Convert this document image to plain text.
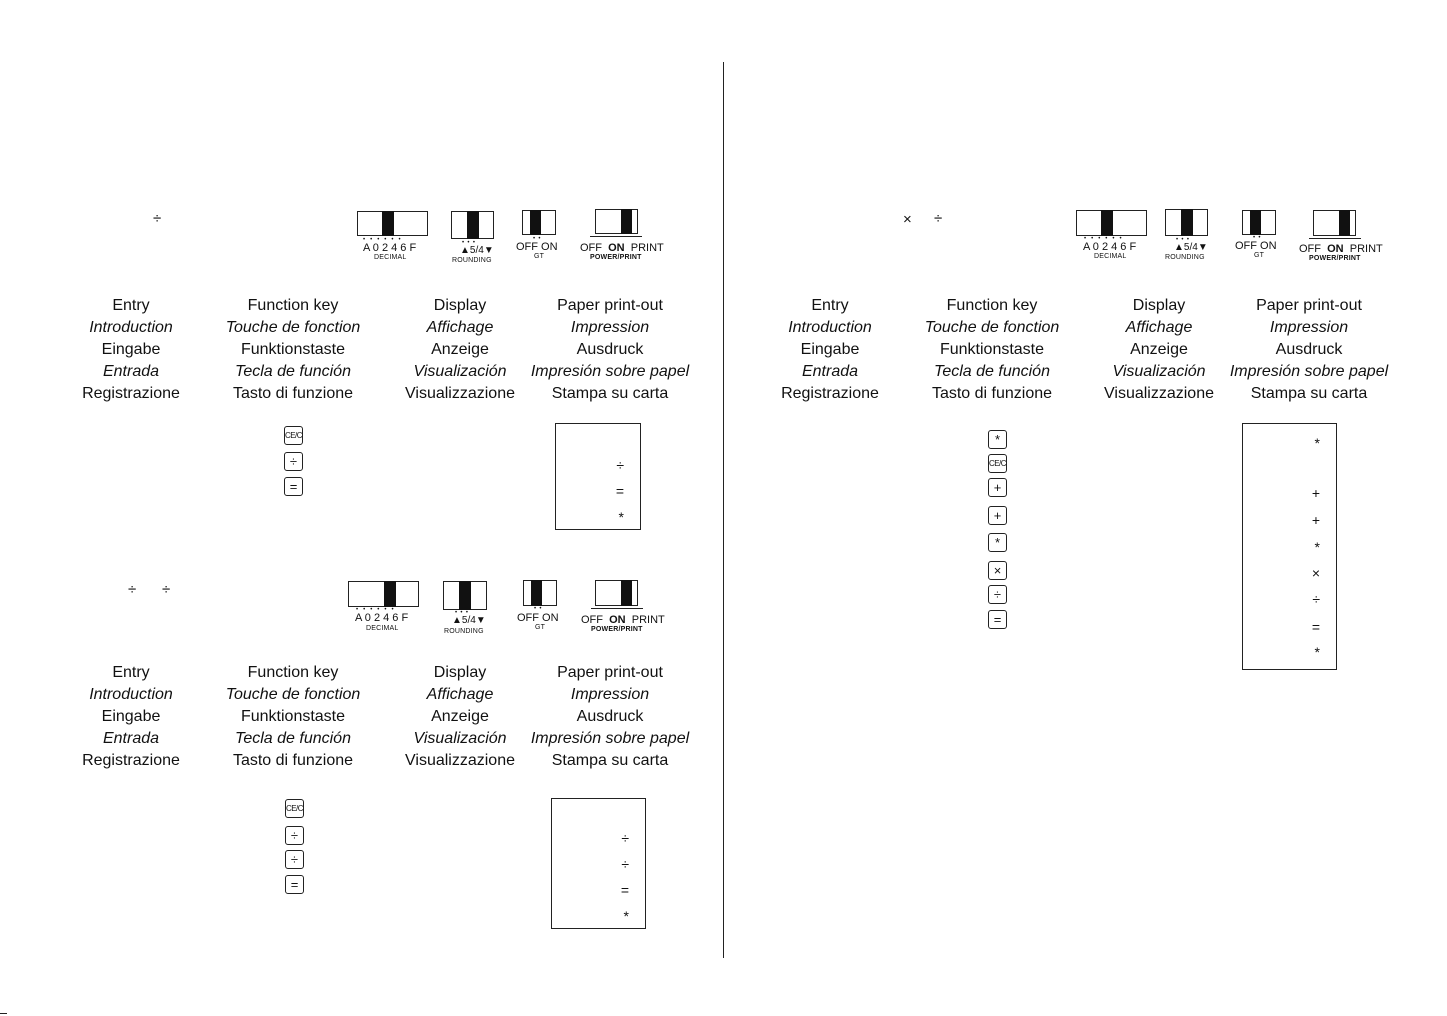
÷
•   •   •   •   •   •
A 0 2 4 6 F
DECIMAL
•  •  •
▲5/4▼
ROUNDING
•  •
OFF ON
GT
OFF ON PRINT
POWER/PRINT
Entry
Introduction
Eingabe
Entrada
Registrazione
Function key
Touche de fonction
Funktionstaste
Tecla de función
Tasto di funzione
Display
Affichage
Anzeige
Visualización
Visualizzazione
Paper print-out
Impression
Ausdruck
Impresión sobre papel
Stampa su carta
CE/C
÷
=
÷
=
*
÷ ÷
•   •   •   •   •   •
A 0 2 4 6 F
DECIMAL
•  •  •
▲5/4▼
ROUNDING
•  •
OFF ON
GT
OFF ON PRINT
POWER/PRINT
Entry
Introduction
Eingabe
Entrada
Registrazione
Function key
Touche de fonction
Funktionstaste
Tecla de función
Tasto di funzione
Display
Affichage
Anzeige
Visualización
Visualizzazione
Paper print-out
Impression
Ausdruck
Impresión sobre papel
Stampa su carta
CE/C
÷
÷
=
÷
÷
=
*
× ÷
•   •   •   •   •   •
A 0 2 4 6 F
DECIMAL
•  •  •
▲5/4▼
ROUNDING
•  •
OFF ON
GT
OFF ON PRINT
POWER/PRINT
Entry
Introduction
Eingabe
Entrada
Registrazione
Function key
Touche de fonction
Funktionstaste
Tecla de función
Tasto di funzione
Display
Affichage
Anzeige
Visualización
Visualizzazione
Paper print-out
Impression
Ausdruck
Impresión sobre papel
Stampa su carta
*
CE/C
+
+
*
×
÷
=
*
+
+
*
×
÷
=
*
